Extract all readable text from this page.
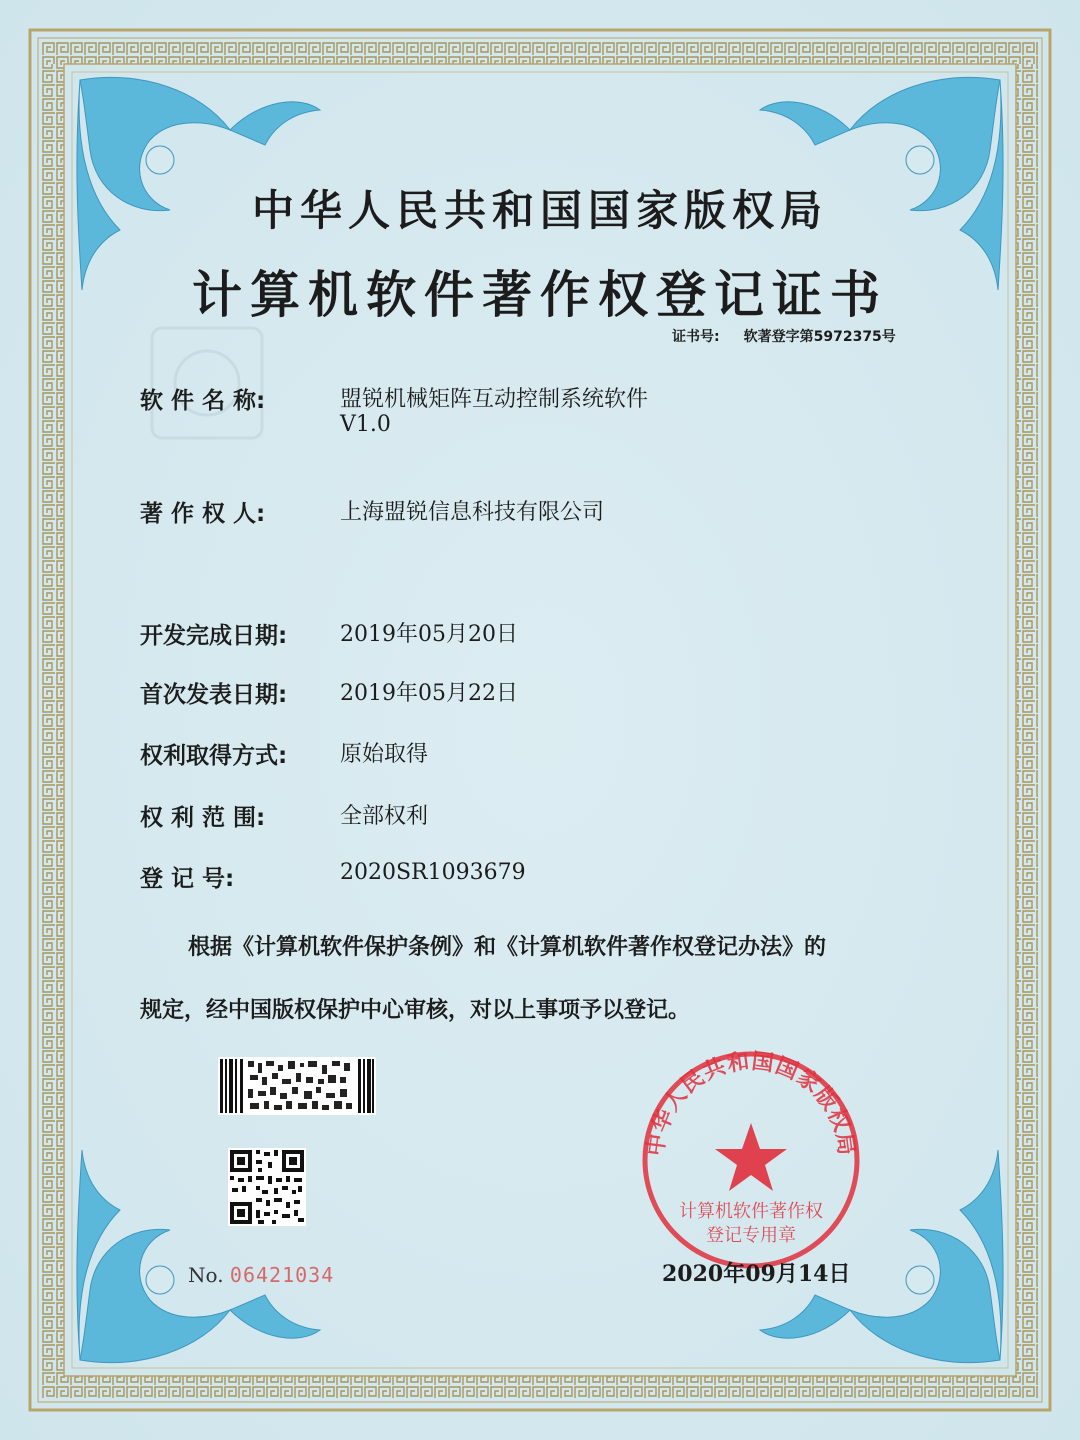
中华人民共和国国家版权局
计算机软件著作权登记证书
证书号: 软著登字第5972375号
软 件 名 称:	盟锐机械矩阵互动控制系统软件
V1.0
著 作 权 人:	上海盟锐信息科技有限公司
开发完成日期: 2019年05月20日
首次发表日期: 2019年05月22日
权利取得方式: 原始取得
权 利 范 围:	全部权利
登 记 号:	2020SR1093679
根据《计算机软件保护条例》和《计算机软件著作权登记办法》的
规定，经中国版权保护中心审核，对以上事项予以登记。
中华人民共和国国家版权局
计算机软件著作权
登记专用章
No. 06421034	2020年09月14日
